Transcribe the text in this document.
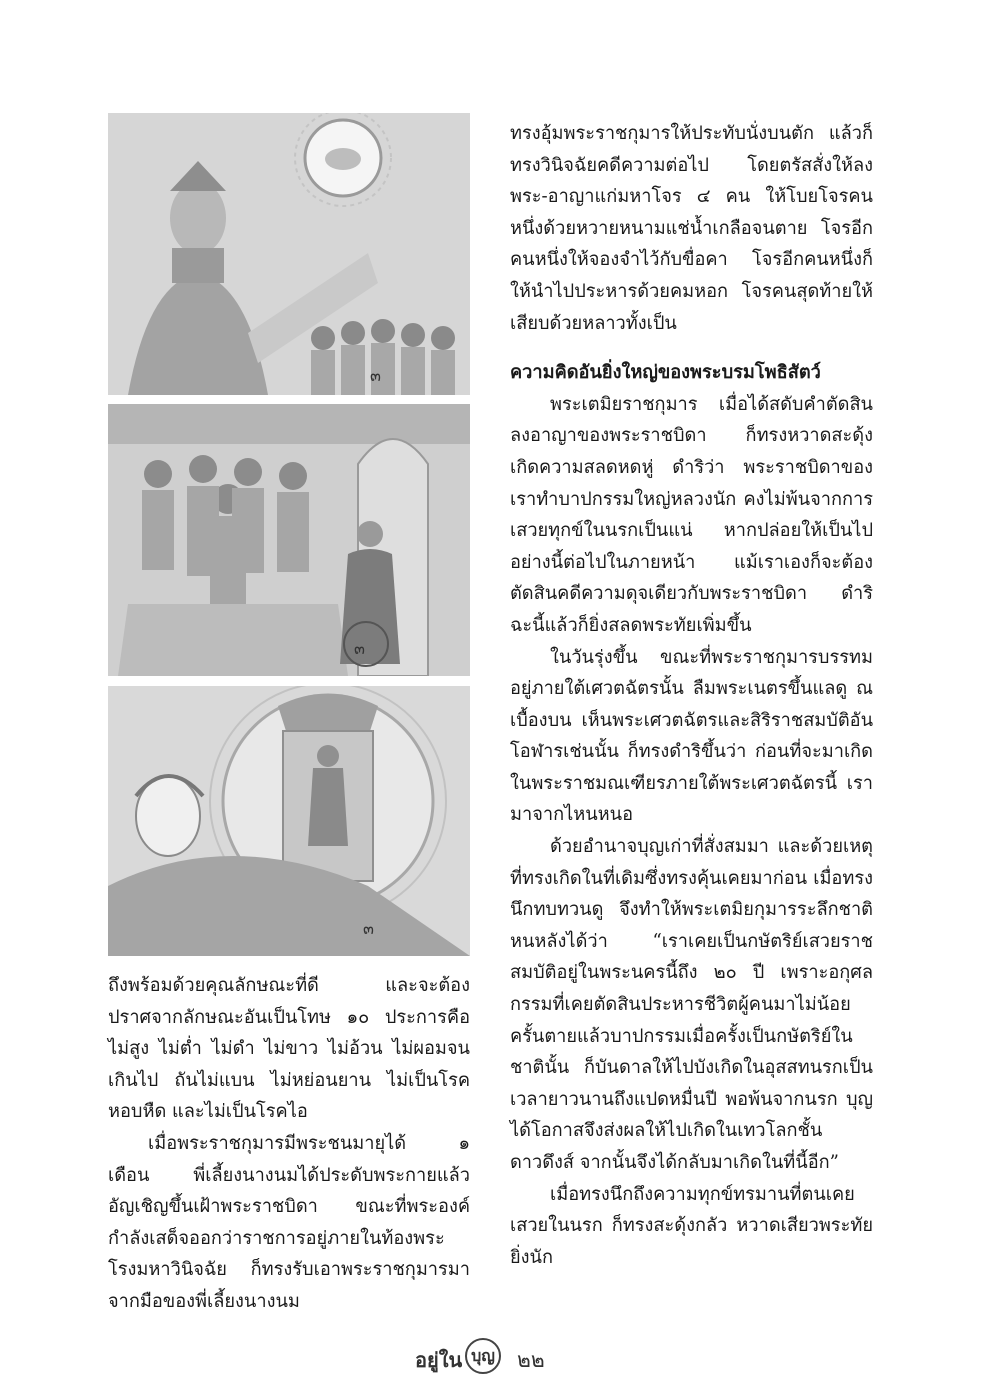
๓
๓
๓

ทรงอุ้มพระราชกุมารให้ประทับนั่งบนตัก แล้วก็ทรงวินิจฉัยคดีความต่อไป โดยตรัสสั่งให้ลงพระ-อาญาแก่มหาโจร ๔ คน ให้โบยโจรคนหนึ่งด้วยหวายหนามแช่น้ำเกลือจนตาย โจรอีกคนหนึ่งให้จองจำไว้กับขื่อคา โจรอีกคนหนึ่งก็ให้นำไปประหารด้วยคมหอก โจรคนสุดท้ายให้เสียบด้วยหลาวทั้งเป็น

ความคิดอันยิ่งใหญ่ของพระบรมโพธิสัตว์

พระเตมิยราชกุมาร เมื่อได้สดับคำตัดสินลงอาญาของพระราชบิดา ก็ทรงหวาดสะดุ้ง เกิดความสลดหดหู่ ดำริว่า พระราชบิดาของเราทำบาปกรรมใหญ่หลวงนัก คงไม่พ้นจากการเสวยทุกข์ในนรกเป็นแน่ หากปล่อยให้เป็นไปอย่างนี้ต่อไปในภายหน้า แม้เราเองก็จะต้องตัดสินคดีความดุจเดียวกับพระราชบิดา ดำริฉะนี้แล้วก็ยิ่งสลดพระทัยเพิ่มขึ้น

ในวันรุ่งขึ้น ขณะที่พระราชกุมารบรรทมอยู่ภายใต้เศวตฉัตรนั้น ลืมพระเนตรขึ้นแลดู ณ เบื้องบน เห็นพระเศวตฉัตรและสิริราชสมบัติอันโอฬารเช่นนั้น ก็ทรงดำริขึ้นว่า ก่อนที่จะมาเกิดในพระราชมณเฑียรภายใต้พระเศวตฉัตรนี้ เรามาจากไหนหนอ

ด้วยอำนาจบุญเก่าที่สั่งสมมา และด้วยเหตุที่ทรงเกิดในที่เดิมซึ่งทรงคุ้นเคยมาก่อน เมื่อทรงนึกทบทวนดู จึงทำให้พระเตมิยกุมารระลึกชาติหนหลังได้ว่า “เราเคยเป็นกษัตริย์เสวยราชสมบัติอยู่ในพระนครนี้ถึง ๒๐ ปี เพราะอกุศลกรรมที่เคยตัดสินประหารชีวิตผู้คนมาไม่น้อย ครั้นตายแล้วบาปกรรมเมื่อครั้งเป็นกษัตริย์ในชาตินั้น ก็บันดาลให้ไปบังเกิดในอุสสทนรกเป็นเวลายาวนานถึงแปดหมื่นปี พอพ้นจากนรก บุญได้โอกาสจึงส่งผลให้ไปเกิดในเทวโลกชั้นดาวดึงส์ จากนั้นจึงได้กลับมาเกิดในที่นี้อีก”

เมื่อทรงนึกถึงความทุกข์ทรมานที่ตนเคยเสวยในนรก ก็ทรงสะดุ้งกลัว หวาดเสียวพระทัยยิ่งนัก

ถึงพร้อมด้วยคุณลักษณะที่ดี และจะต้องปราศจากลักษณะอันเป็นโทษ ๑๐ ประการคือ ไม่สูง ไม่ต่ำ ไม่ดำ ไม่ขาว ไม่อ้วน ไม่ผอมจนเกินไป ถันไม่แบน ไม่หย่อนยาน ไม่เป็นโรคหอบหืด และไม่เป็นโรคไอ

เมื่อพระราชกุมารมีพระชนมายุได้ ๑ เดือน พี่เลี้ยงนางนมได้ประดับพระกายแล้วอัญเชิญขึ้นเฝ้าพระราชบิดา ขณะที่พระองค์กำลังเสด็จออกว่าราชการอยู่ภายในท้องพระโรงมหาวินิจฉัย ก็ทรงรับเอาพระราชกุมารมาจากมือของพี่เลี้ยงนางนม

อยู่ใน บุญ ๒๒
